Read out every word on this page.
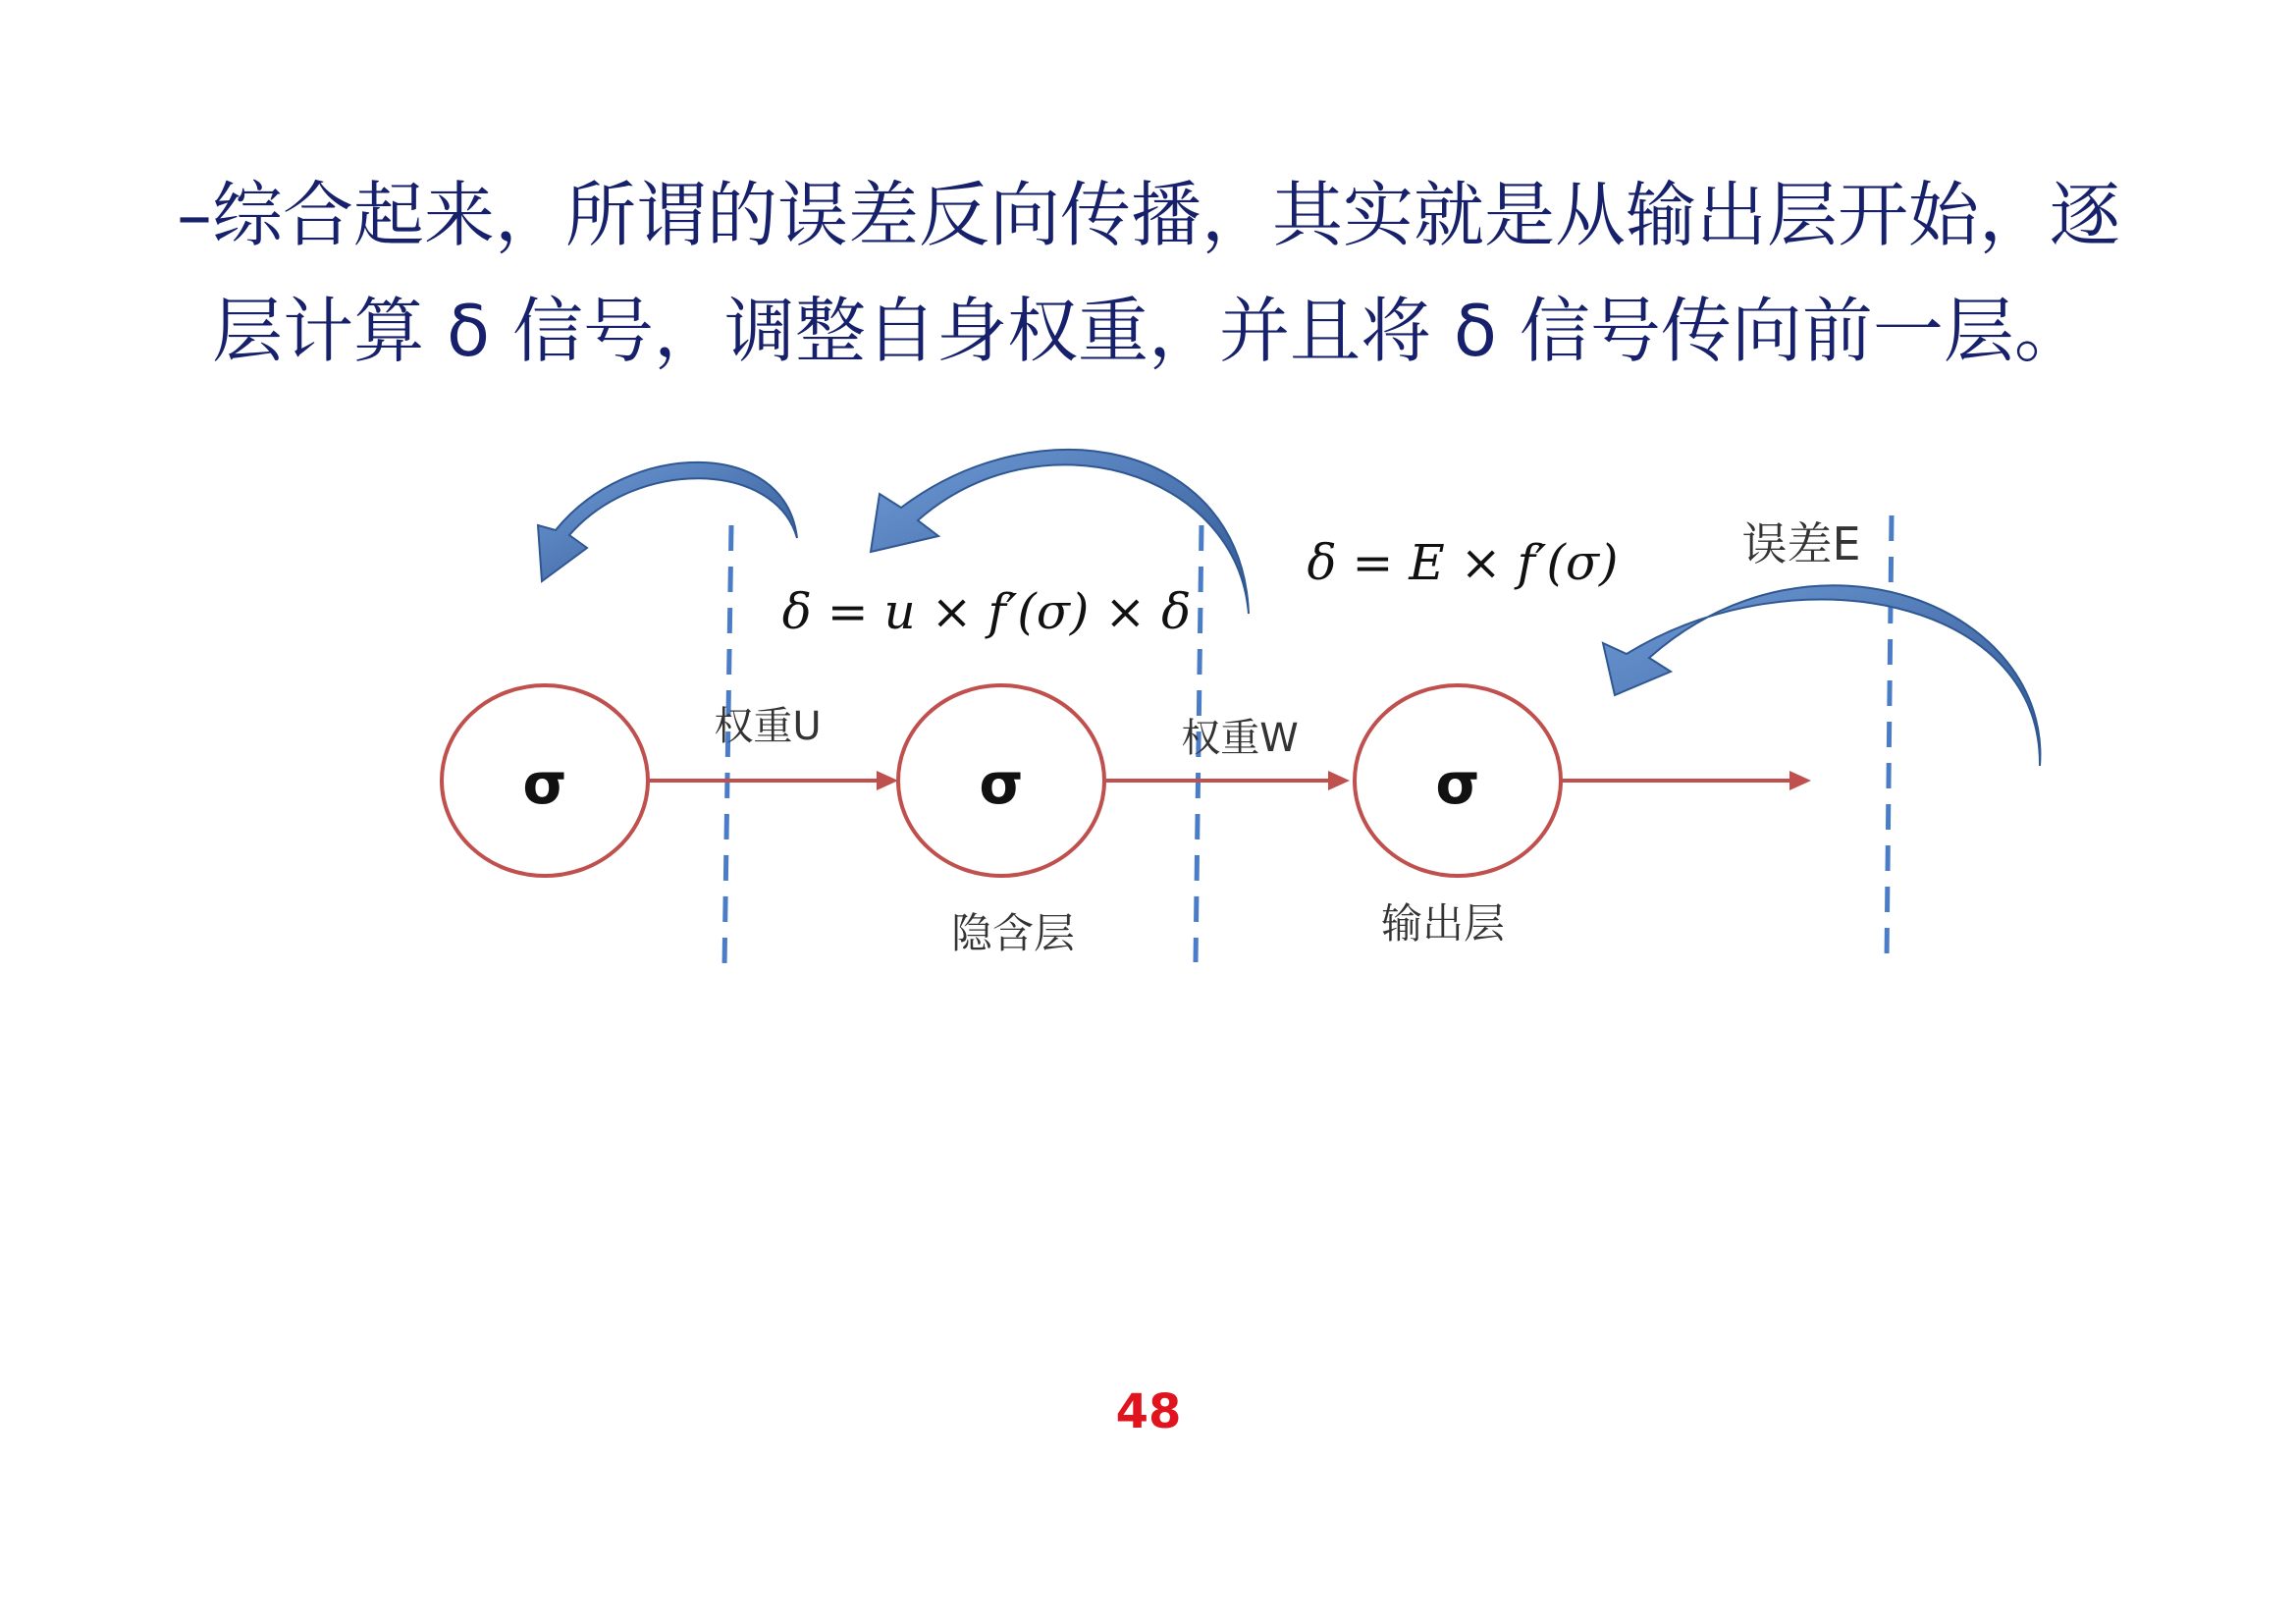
–综合起来，所谓的误差反向传播，其实就是从输出层开始，逐
层计算 δ 信号，调整自身权重，并且将 δ 信号传向前一层。
σ	σ	σ
隐含层	输出层
权重U	权重W
误差E
δ = u × f′(σ) × δ
δ = E × f′(σ)
48
